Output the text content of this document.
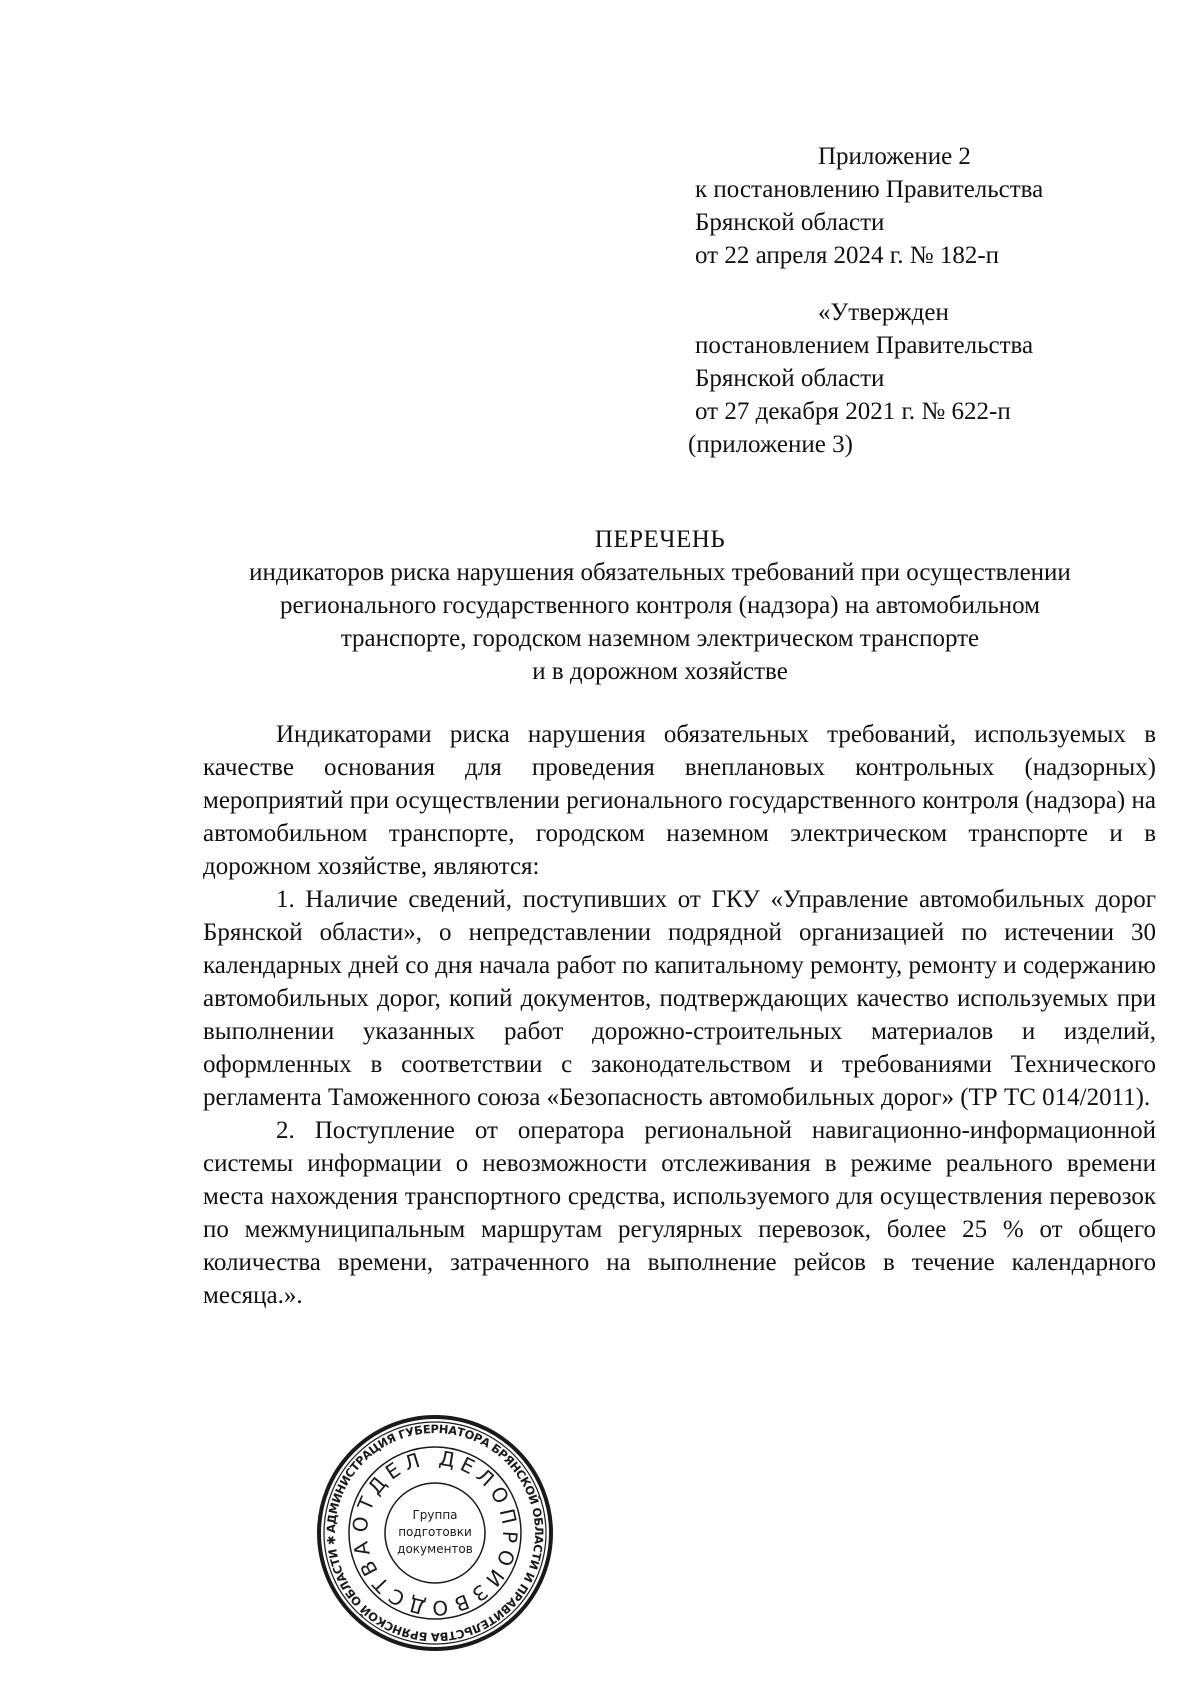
Приложение 2
к постановлению Правительства
Брянской области
от 22 апреля 2024 г. № 182-п
«Утвержден
постановлением Правительства
Брянской области
от 27 декабря 2021 г. № 622-п
(приложение 3)
ПЕРЕЧЕНЬ
индикаторов риска нарушения обязательных требований при осуществлении
регионального государственного контроля (надзора) на автомобильном
транспорте, городском наземном электрическом транспорте
и в дорожном хозяйстве

Индикаторами риска нарушения обязательных требований, используемых в качестве основания для проведения внеплановых контрольных (надзорных) мероприятий при осуществлении регионального государственного контроля (надзора) на автомобильном транспорте, городском наземном электрическом транспорте и в дорожном хозяйстве, являются:

1. Наличие сведений, поступивших от ГКУ «Управление автомобильных дорог Брянской области», о непредставлении подрядной организацией по истечении 30 календарных дней со дня начала работ по капитальному ремонту, ремонту и содержанию автомобильных дорог, копий документов, подтверждающих качество используемых при выполнении указанных работ дорожно-строительных материалов и изделий, оформленных в соответствии с законодательством и требованиями Технического регламента Таможенного союза «Безопасность автомобильных дорог» (ТР ТС 014/2011).

2. Поступление от оператора региональной навигационно-информационной системы информации о невозможности отслеживания в режиме реального времени места нахождения транспортного средства, используемого для осуществления перевозок по межмуниципальным маршрутам регулярных перевозок, более 25 % от общего количества времени, затраченного на выполнение рейсов в течение календарного месяца.».

АДМИНИСТРАЦИЯ ГУБЕРНАТОРА БРЯНСКОЙ ОБЛАСТИ И ПРАВИТЕЛЬСТВА БРЯНСКОЙ ОБЛАСТИ ✱
ОТДЕЛ ДЕЛОПРОИЗВОДСТВА
Группа
подготовки
документов
